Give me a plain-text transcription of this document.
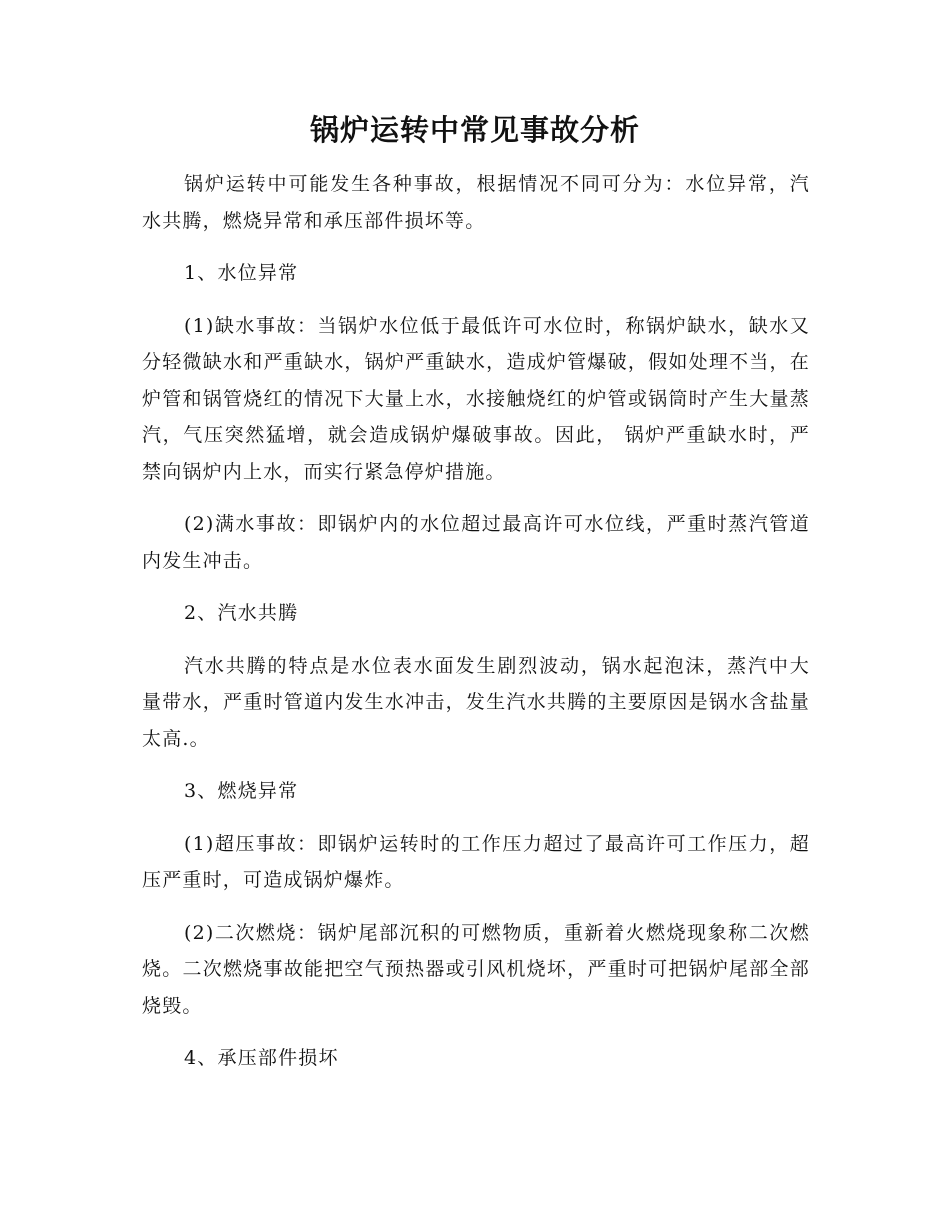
锅炉运转中常见事故分析

锅炉运转中可能发生各种事故，根据情况不同可分为：水位异常，汽水共腾，燃烧异常和承压部件损坏等。

1、水位异常

(1)缺水事故：当锅炉水位低于最低许可水位时，称锅炉缺水，缺水又分轻微缺水和严重缺水，锅炉严重缺水，造成炉管爆破，假如处理不当，在炉管和锅管烧红的情况下大量上水，水接触烧红的炉管或锅筒时产生大量蒸汽，气压突然猛增，就会造成锅炉爆破事故。因此， 锅炉严重缺水时，严禁向锅炉内上水，而实行紧急停炉措施。

(2)满水事故：即锅炉内的水位超过最高许可水位线，严重时蒸汽管道内发生冲击。

2、汽水共腾

汽水共腾的特点是水位表水面发生剧烈波动，锅水起泡沫，蒸汽中大量带水，严重时管道内发生水冲击，发生汽水共腾的主要原因是锅水含盐量太高.。

3、燃烧异常

(1)超压事故：即锅炉运转时的工作压力超过了最高许可工作压力，超压严重时，可造成锅炉爆炸。

(2)二次燃烧：锅炉尾部沉积的可燃物质，重新着火燃烧现象称二次燃烧。二次燃烧事故能把空气预热器或引风机烧坏，严重时可把锅炉尾部全部烧毁。

4、承压部件损坏
